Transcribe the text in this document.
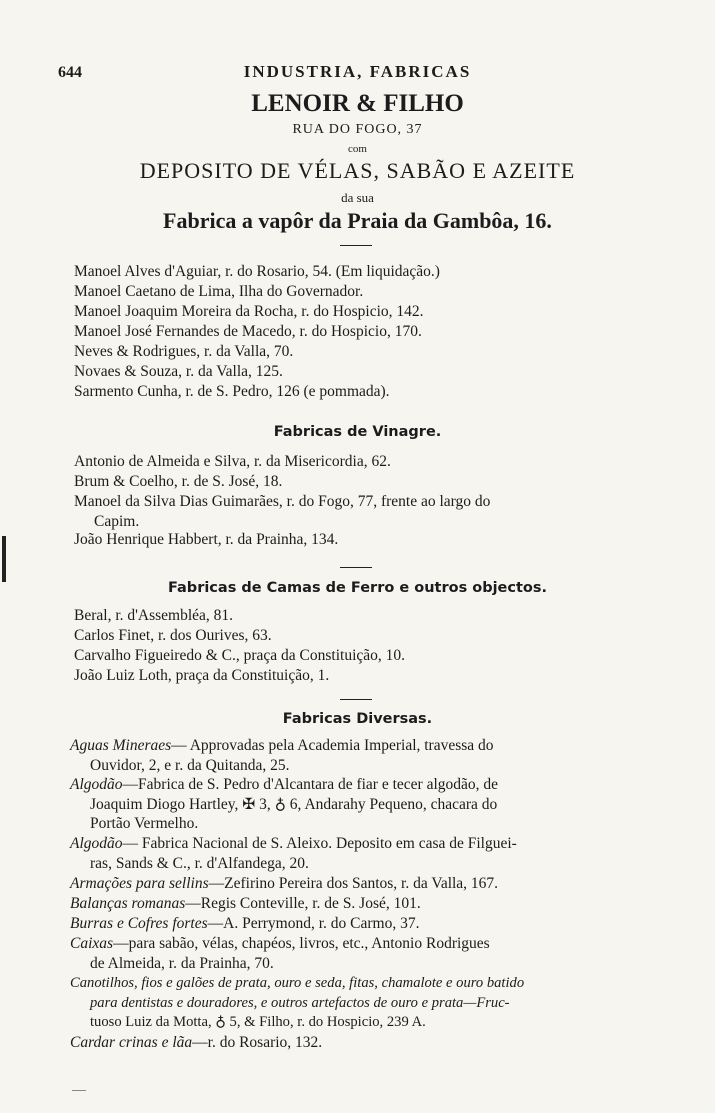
644	INDUSTRIA, FABRICAS
LENOIR & FILHO
RUA DO FOGO, 37
com
DEPOSITO DE VÉLAS, SABÃO E AZEITE
da sua
Fabrica a vapôr da Praia da Gambôa, 16.
Manoel Alves d'Aguiar, r. do Rosario, 54. (Em liquidação.)
Manoel Caetano de Lima, Ilha do Governador.
Manoel Joaquim Moreira da Rocha, r. do Hospicio, 142.
Manoel José Fernandes de Macedo, r. do Hospicio, 170.
Neves & Rodrigues, r. da Valla, 70.
Novaes & Souza, r. da Valla, 125.
Sarmento Cunha, r. de S. Pedro, 126 (e pommada).
Fabricas de Vinagre.
Antonio de Almeida e Silva, r. da Misericordia, 62.
Brum & Coelho, r. de S. José, 18.
Manoel da Silva Dias Guimarães, r. do Fogo, 77, frente ao largo do
Capim.
João Henrique Habbert, r. da Prainha, 134.
Fabricas de Camas de Ferro e outros objectos.
Beral, r. d'Assembléa, 81.
Carlos Finet, r. dos Ourives, 63.
Carvalho Figueiredo & C., praça da Constituição, 10.
João Luiz Loth, praça da Constituição, 1.
Fabricas Diversas.
Aguas Mineraes— Approvadas pela Academia Imperial, travessa do
Ouvidor, 2, e r. da Quitanda, 25.
Algodão—Fabrica de S. Pedro d'Alcantara de fiar e tecer algodão, de
Joaquim Diogo Hartley, ✠ 3, ♁ 6, Andarahy Pequeno, chacara do
Portão Vermelho.
Algodão— Fabrica Nacional de S. Aleixo. Deposito em casa de Filguei-
ras, Sands & C., r. d'Alfandega, 20.
Armações para sellins—Zefirino Pereira dos Santos, r. da Valla, 167.
Balanças romanas—Regis Conteville, r. de S. José, 101.
Burras e Cofres fortes—A. Perrymond, r. do Carmo, 37.
Caixas—para sabão, vélas, chapéos, livros, etc., Antonio Rodrigues
de Almeida, r. da Prainha, 70.
Canotilhos, fios e galões de prata, ouro e seda, fitas, chamalote e ouro batido
para dentistas e douradores, e outros artefactos de ouro e prata—Fruc-
tuoso Luiz da Motta, ♁ 5, & Filho, r. do Hospicio, 239 A.
Cardar crinas e lãa—r. do Rosario, 132.
